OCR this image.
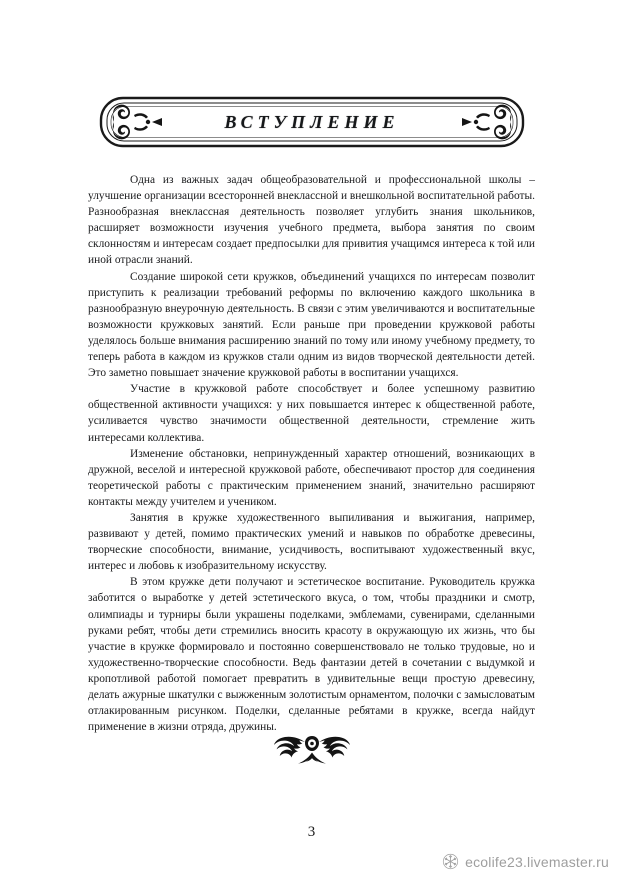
ВСТУПЛЕНИЕ

Одна из важных задач общеобразовательной и профессиональной школы – улучшение организации всесторонней внеклассной и внешкольной воспитательной работы. Разнообразная внеклассная деятельность позволяет углубить знания школьников, расширяет возможности изучения учебного предмета, выбора занятия по своим склонностям и интересам создает предпосылки для привития учащимся интереса к той или иной отрасли знаний.

Создание широкой сети кружков, объединений учащихся по интересам позволит приступить к реализации требований реформы по включению каждого школьника в разнообразную внеурочную деятельность. В связи с этим увеличиваются и воспитательные возможности кружковых занятий. Если раньше при проведении кружковой работы уделялось больше внимания расширению знаний по тому или иному учебному предмету, то теперь работа в каждом из кружков стали одним из видов творческой деятельности детей. Это заметно повышает значение кружковой работы в воспитании учащихся.

Участие в кружковой работе способствует и более успешному развитию общественной активности учащихся: у них повышается интерес к общественной работе, усиливается чувство значимости общественной деятельности, стремление жить интересами коллектива.

Изменение обстановки, непринужденный характер отношений, возникающих в дружной, веселой и интересной кружковой работе, обеспечивают простор для соединения теоретической работы с практическим применением знаний, значительно расширяют контакты между учителем и учеником.

Занятия в кружке художественного выпиливания и выжигания, например, развивают у детей, помимо практических умений и навыков по обработке древесины, творческие способности, внимание, усидчивость, воспитывают художественный вкус, интерес и любовь к изобразительному искусству.

В этом кружке дети получают и эстетическое воспитание. Руководитель кружка заботится о выработке у детей эстетического вкуса, о том, чтобы праздники и смотр, олимпиады и турниры были украшены поделками, эмблемами, сувенирами, сделанными руками ребят, чтобы дети стремились вносить красоту в окружающую их жизнь, что бы участие в кружке формировало и постоянно совершенствовало не только трудовые, но и художественно-творческие способности. Ведь фантазии детей в сочетании с выдумкой и кропотливой работой помогает превратить в удивительные вещи простую древесину, делать ажурные шкатулки с выжженным золотистым орнаментом, полочки с замысловатым отлакированным рисунком. Поделки, сделанные ребятами в кружке, всегда найдут применение в жизни отряда, дружины.

3
ecolife23.livemaster.ru
